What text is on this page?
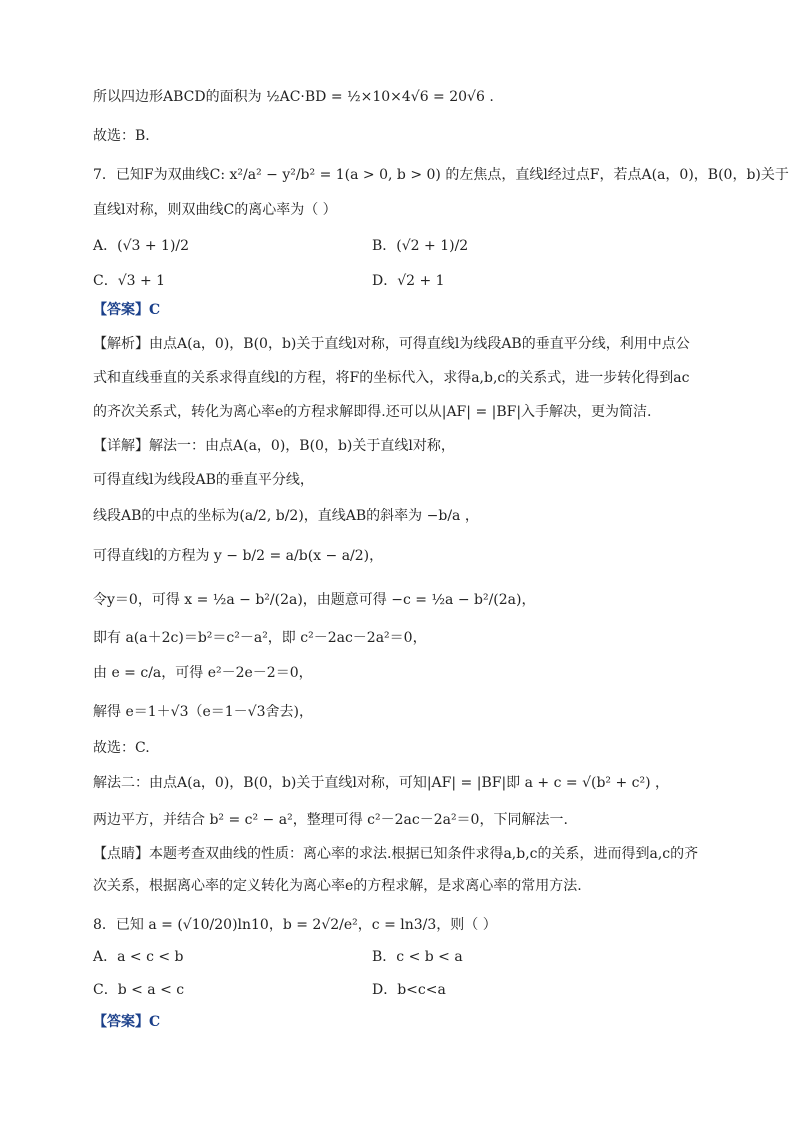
所以四边形ABCD的面积为 ½AC·BD = ½×10×4√6 = 20√6 .
故选：B.
7．已知F为双曲线C: x²/a² − y²/b² = 1(a > 0, b > 0) 的左焦点，直线l经过点F，若点A(a，0)，B(0，b)关于
直线l对称，则双曲线C的离心率为（ ）
A．(√3 + 1)/2	B．(√2 + 1)/2
C．√3 + 1	D．√2 + 1
【答案】C
【解析】由点A(a，0)，B(0，b)关于直线l对称，可得直线l为线段AB的垂直平分线，利用中点公
式和直线垂直的关系求得直线l的方程，将F的坐标代入，求得a,b,c的关系式，进一步转化得到ac
的齐次关系式，转化为离心率e的方程求解即得.还可以从|AF| = |BF|入手解决，更为简洁.
【详解】解法一：由点A(a，0)，B(0，b)关于直线l对称，
可得直线l为线段AB的垂直平分线，
线段AB的中点的坐标为(a/2, b/2)，直线AB的斜率为 −b/a ，
可得直线l的方程为 y − b/2 = a/b(x − a/2)，
令y＝0，可得 x = ½a − b²/(2a)，由题意可得 −c = ½a − b²/(2a)，
即有 a(a＋2c)＝b²＝c²－a²，即 c²－2ac－2a²＝0，
由 e = c/a，可得 e²－2e－2＝0，
解得 e＝1＋√3（e＝1－√3舍去)，
故选：C.
解法二：由点A(a，0)，B(0，b)关于直线l对称，可知|AF| = |BF|即 a + c = √(b² + c²) ，
两边平方，并结合 b² = c² − a²，整理可得 c²－2ac－2a²＝0，下同解法一.
【点睛】本题考查双曲线的性质：离心率的求法.根据已知条件求得a,b,c的关系，进而得到a,c的齐
次关系，根据离心率的定义转化为离心率e的方程求解，是求离心率的常用方法.
8．已知 a = (√10/20)ln10，b = 2√2/e²，c = ln3/3，则（ ）
A．a < c < b	B．c < b < a
C．b < a < c	D．b<c<a
【答案】C
